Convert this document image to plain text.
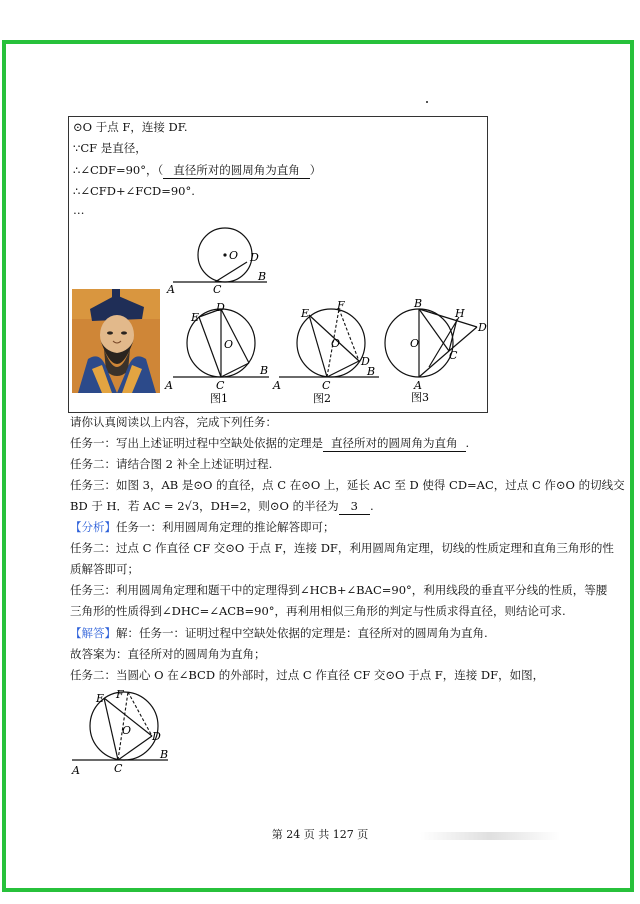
⊙O 于点 F，连接 DF.
∵CF 是直径，
∴∠CDF=90°，（ 直径所对的圆周角为直角 ）
∴∠CFD+∠FCD=90°.
…
O D
B
C
A
D
E
O
B
A	C
图1
E
F
O
D
B
A	C
图2
B
H
D
O
C
A
图3
请你认真阅读以上内容，完成下列任务：
任务一：写出上述证明过程中空缺处依据的定理是 直径所对的圆周角为直角 .
任务二：请结合图 2 补全上述证明过程.
任务三：如图 3，AB 是⊙O 的直径，点 C 在⊙O 上，延长 AC 至 D 使得 CD=AC，过点 C 作⊙O 的切线交
BD 于 H．若 AC = 2√3，DH=2，则⊙O 的半径为 3 .
【分析】任务一：利用圆周角定理的推论解答即可；
任务二：过点 C 作直径 CF 交⊙O 于点 F，连接 DF，利用圆周角定理，切线的性质定理和直角三角形的性
质解答即可；
任务三：利用圆周角定理和题干中的定理得到∠HCB+∠BAC=90°，利用线段的垂直平分线的性质，等腰
三角形的性质得到∠DHC=∠ACB=90°，再利用相似三角形的判定与性质求得直径，则结论可求.
【解答】解：任务一：证明过程中空缺处依据的定理是：直径所对的圆周角为直角.
故答案为：直径所对的圆周角为直角；
任务二：当圆心 O 在∠BCD 的外部时，过点 C 作直径 CF 交⊙O 于点 F，连接 DF，如图，
E F
O D
B
A	C
第 24 页 共 127 页
